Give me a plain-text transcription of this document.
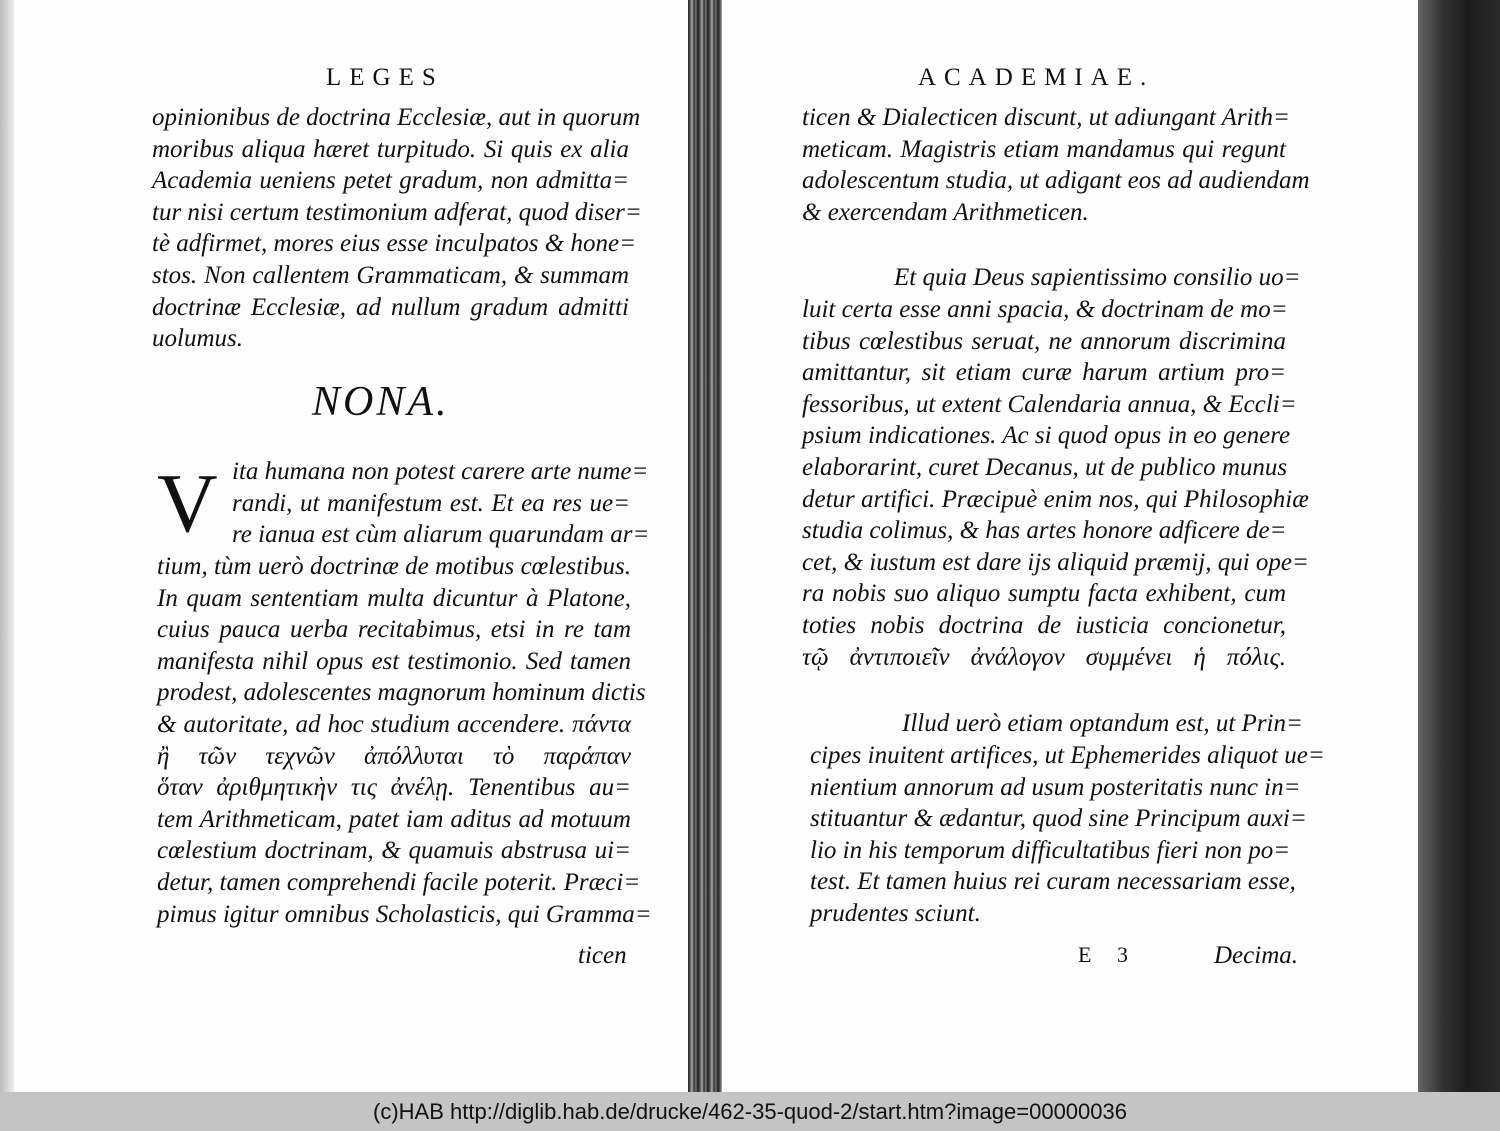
LEGES
opinionibus de doctrina Ecclesiæ, aut in quorum
moribus aliqua hæret turpitudo. Si quis ex alia
Academia ueniens petet gradum, non admitta=
tur nisi certum testimonium adferat, quod diser=
tè adfirmet, mores eius esse inculpatos & hone=
stos. Non callentem Grammaticam, & summam
doctrinæ Ecclesiæ, ad nullum gradum admitti
uolumus.
NONA.
V ita humana non potest carere arte nume=
randi, ut manifestum est. Et ea res ue=
re ianua est cùm aliarum quarundam ar=
tium, tùm uerò doctrinæ de motibus cœlestibus.
In quam sententiam multa dicuntur à Platone,
cuius pauca uerba recitabimus, etsi in re tam
manifesta nihil opus est testimonio. Sed tamen
prodest, adolescentes magnorum hominum dictis
& autoritate, ad hoc studium accendere. πάντα
ἢ τῶν τεχνῶν ἀπόλλυται τὸ παράπαν
ὅταν ἀριθμητικὴν τις ἀνέλῃ. Tenentibus au=
tem Arithmeticam, patet iam aditus ad motuum
cœlestium doctrinam, & quamuis abstrusa ui=
detur, tamen comprehendi facile poterit. Præci=
pimus igitur omnibus Scholasticis, qui Gramma=
ticen
ACADEMIAE.
ticen & Dialecticen discunt, ut adiungant Arith=
meticam. Magistris etiam mandamus qui regunt
adolescentum studia, ut adigant eos ad audiendam
& exercendam Arithmeticen.
Et quia Deus sapientissimo consilio uo=
luit certa esse anni spacia, & doctrinam de mo=
tibus cœlestibus seruat, ne annorum discrimina
amittantur, sit etiam curæ harum artium pro=
fessoribus, ut extent Calendaria annua, & Eccli=
psium indicationes. Ac si quod opus in eo genere
elaborarint, curet Decanus, ut de publico munus
detur artifici. Præcipuè enim nos, qui Philosophiæ
studia colimus, & has artes honore adficere de=
cet, & iustum est dare ijs aliquid præmij, qui ope=
ra nobis suo aliquo sumptu facta exhibent, cum
toties nobis doctrina de iusticia concionetur,
τῷ ἀντιποιεῖν ἀνάλογον συμμένει ἡ πόλις.
Illud uerò etiam optandum est, ut Prin=
cipes inuitent artifices, ut Ephemerides aliquot ue=
nientium annorum ad usum posteritatis nunc in=
stituantur & ædantur, quod sine Principum auxi=
lio in his temporum difficultatibus fieri non po=
test. Et tamen huius rei curam necessariam esse,
prudentes sciunt.
E 3	Decima.
(c)HAB http://diglib.hab.de/drucke/462-35-quod-2/start.htm?image=00000036
